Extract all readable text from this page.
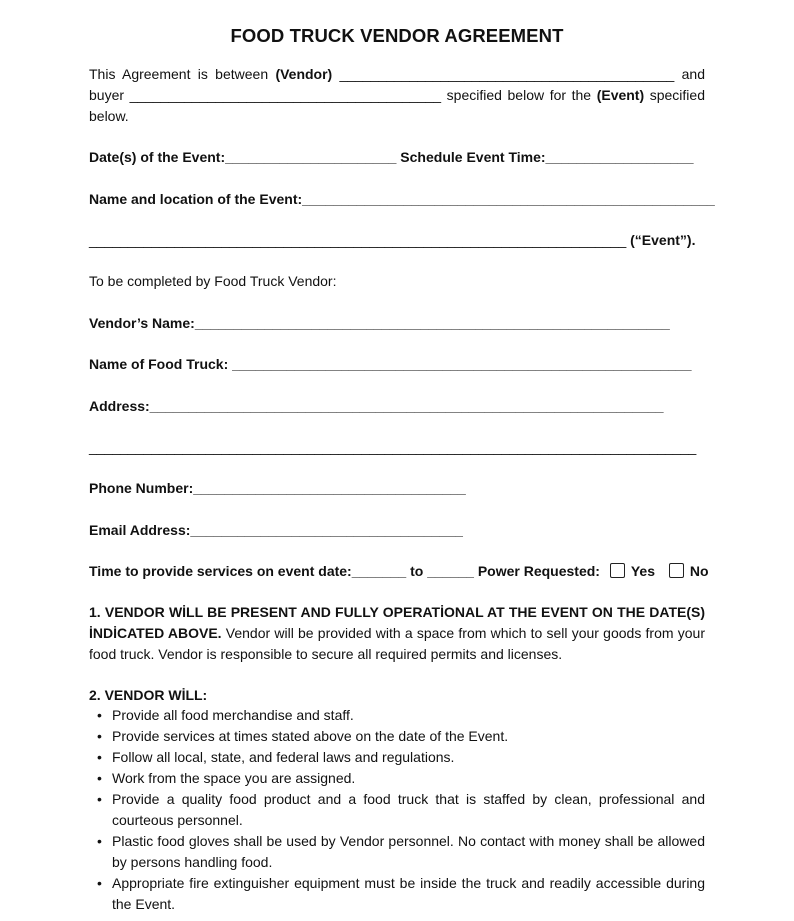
FOOD TRUCK VENDOR AGREEMENT
This Agreement is between (Vendor) ___________________________________________ and buyer ________________________________________ specified below for the (Event) specified below.
Date(s) of the Event:______________________ Schedule Event Time:___________________
Name and location of the Event:_____________________________________________________
_____________________________________________________________________ (“Event”).
To be completed by Food Truck Vendor:
Vendor’s Name:_____________________________________________________________
Name of Food Truck: ___________________________________________________________
Address:__________________________________________________________________
______________________________________________________________________________
Phone Number:___________________________________
Email Address:___________________________________
Time to provide services on event date:_______ to ______ Power Requested: Yes No
1. VENDOR WİLL BE PRESENT AND FULLY OPERATİONAL AT THE EVENT ON THE DATE(S) İNDİCATED ABOVE. Vendor will be provided with a space from which to sell your goods from your food truck. Vendor is responsible to secure all required permits and licenses.
2. VENDOR WİLL:
• Provide all food merchandise and staff.
• Provide services at times stated above on the date of the Event.
• Follow all local, state, and federal laws and regulations.
• Work from the space you are assigned.
• Provide a quality food product and a food truck that is staffed by clean, professional and courteous personnel.
• Plastic food gloves shall be used by Vendor personnel. No contact with money shall be allowed by persons handling food.
• Appropriate fire extinguisher equipment must be inside the truck and readily accessible during the Event.
